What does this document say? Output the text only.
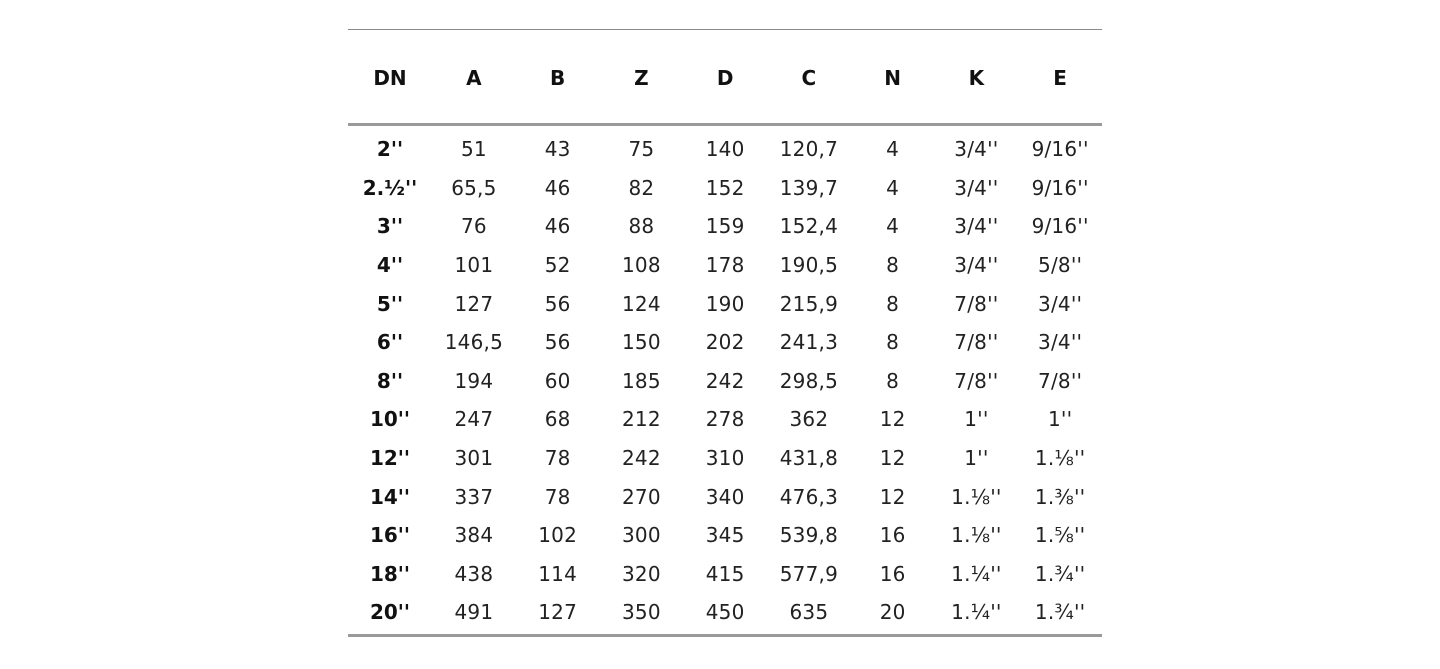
DN	A	B	Z	D	C	N	K	E
2''	51	43	75	140	120,7	4	3/4''	9/16''
2.½''	65,5	46	82	152	139,7	4	3/4''	9/16''
3''	76	46	88	159	152,4	4	3/4''	9/16''
4''	101	52	108	178	190,5	8	3/4''	5/8''
5''	127	56	124	190	215,9	8	7/8''	3/4''
6''	146,5	56	150	202	241,3	8	7/8''	3/4''
8''	194	60	185	242	298,5	8	7/8''	7/8''
10''	247	68	212	278	362	12	1''	1''
12''	301	78	242	310	431,8	12	1''	1.⅛''
14''	337	78	270	340	476,3	12	1.⅛''	1.⅜''
16''	384	102	300	345	539,8	16	1.⅛''	1.⅝''
18''	438	114	320	415	577,9	16	1.¼''	1.¾''
20''	491	127	350	450	635	20	1.¼''	1.¾''
